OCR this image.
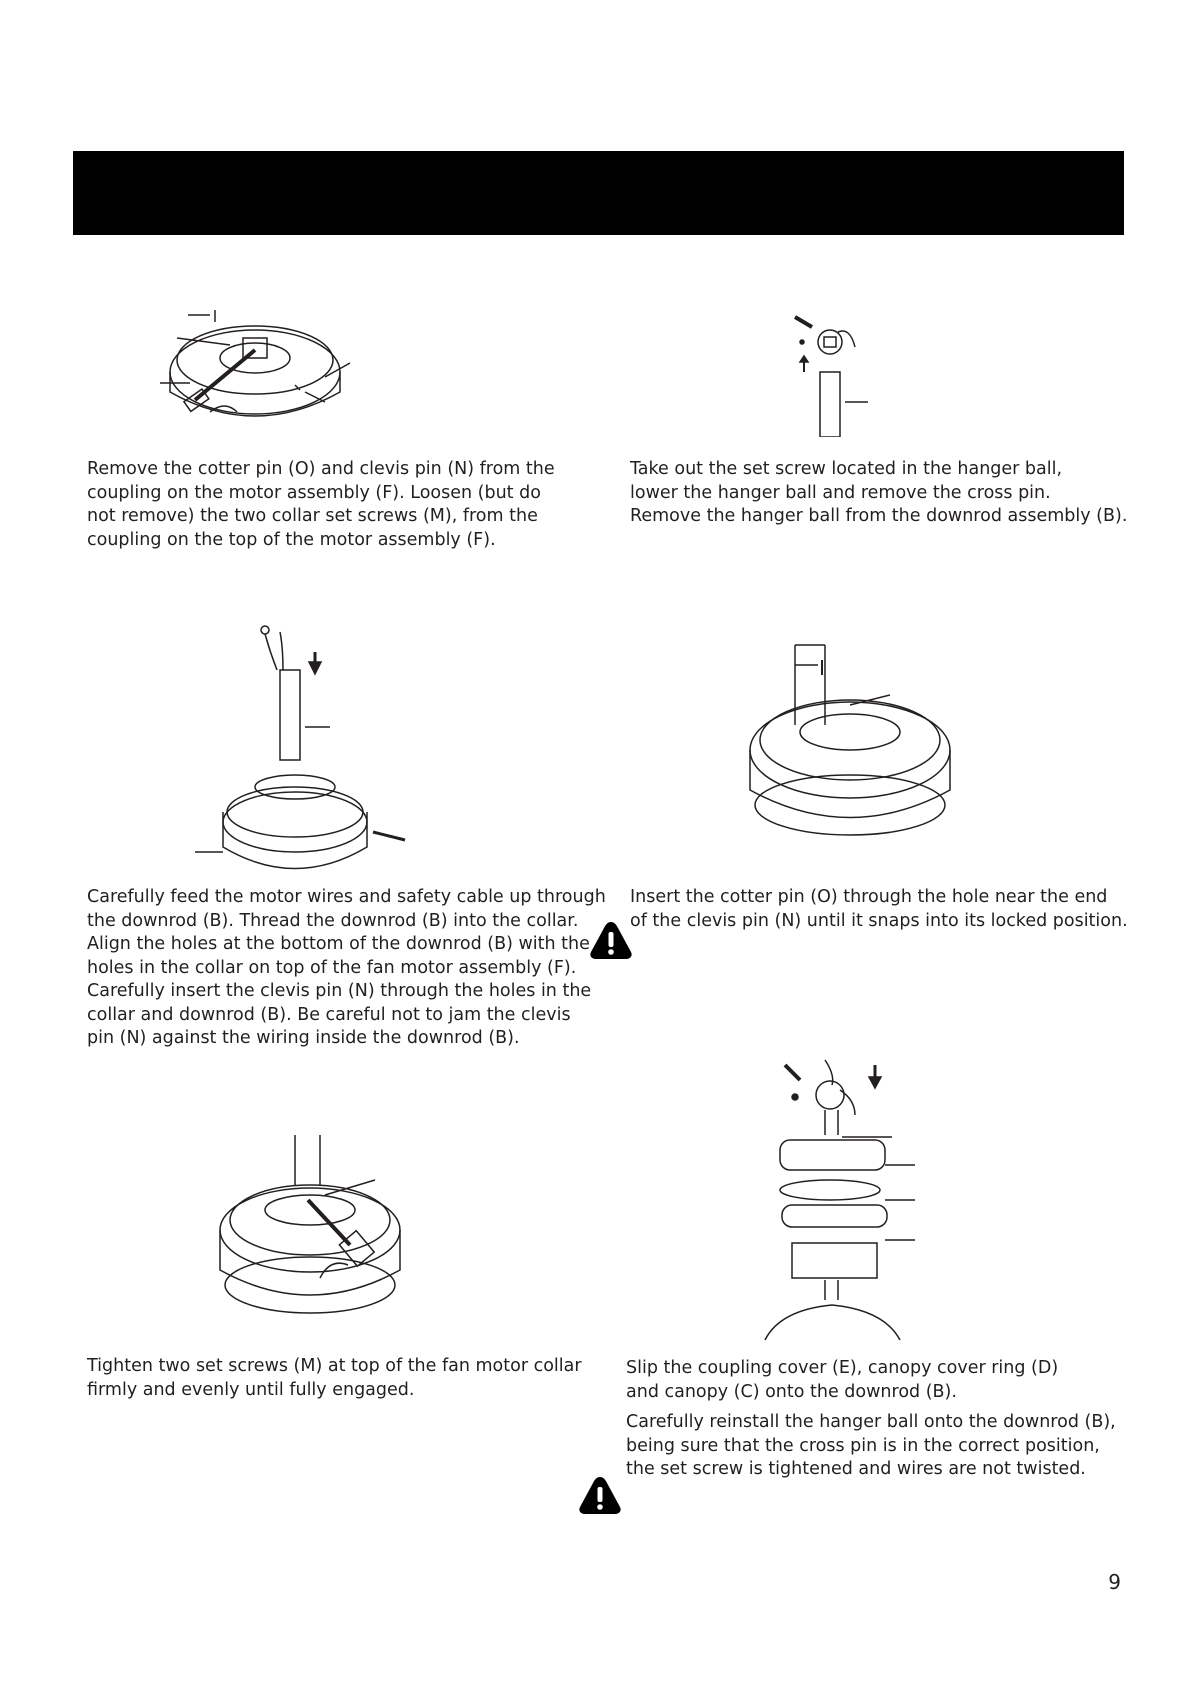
Remove the cotter pin (O) and clevis pin (N) from the
coupling on the motor assembly (F). Loosen (but do
not remove) the two collar set screws (M), from the
coupling on the top of the motor assembly (F).
Take out the set screw located in the hanger ball,
lower the hanger ball and remove the cross pin.
Remove the hanger ball from the downrod assembly (B).
Carefully feed the motor wires and safety cable up through
the downrod (B). Thread the downrod (B) into the collar.
Align the holes at the bottom of the downrod (B) with the
holes in the collar on top of the fan motor assembly (F).
Carefully insert the clevis pin (N) through the holes in the
collar and downrod (B). Be careful not to jam the clevis
pin (N) against the wiring inside the downrod (B).
Insert the cotter pin (O) through the hole near the end
of the clevis pin (N) until it snaps into its locked position.
Tighten two set screws (M) at top of the fan motor collar
firmly and evenly until fully engaged.
Slip the coupling cover (E), canopy cover ring (D)
and canopy (C) onto the downrod (B).
Carefully reinstall the hanger ball onto the downrod (B),
being sure that the cross pin is in the correct position,
the set screw is tightened and wires are not twisted.
9
